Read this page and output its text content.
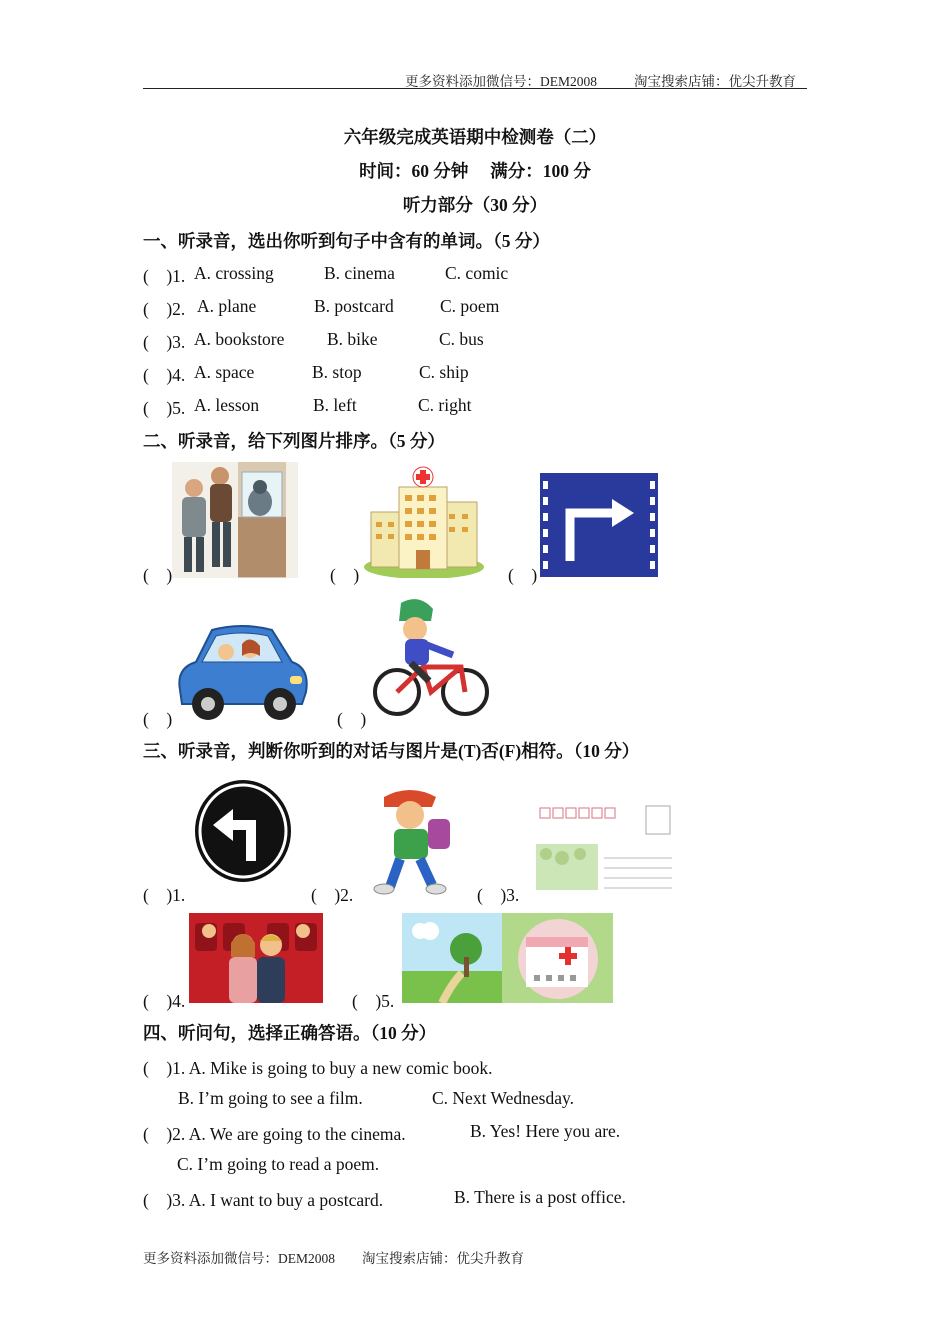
更多资料添加微信号：DEM2008	淘宝搜索店铺：优尖升教育
六年级完成英语期中检测卷（二）
时间：60 分钟　 满分：100 分
听力部分（30 分）
一、听录音，选出你听到句子中含有的单词。（5 分）
(　)1. A. crossing	B. cinema	C. comic
(　)2. A. plane	B. postcard	C. poem
(　)3. A. bookstore B. bike	C. bus
(　)4. A. space	B. stop	C. ship
(　)5. A. lesson	B. left	C. right
二、听录音，给下列图片排序。（5 分）
(　)	(　)	(　)
(　)	(　)
三、听录音，判断你听到的对话与图片是(T)否(F)相符。（10 分）
(　)1.	(　)2.	(　)3.
(　)4.	(　)5.
四、听问句，选择正确答语。（10 分）
(　)1. A. Mike is going to buy a new comic book.
B. I’m going to see a film.	C. Next Wednesday.
(　)2. A. We are going to the cinema.	B. Yes! Here you are.
C. I’m going to read a poem.
(　)3. A. I want to buy a postcard.	B. There is a post office.
更多资料添加微信号：DEM2008 淘宝搜索店铺：优尖升教育
